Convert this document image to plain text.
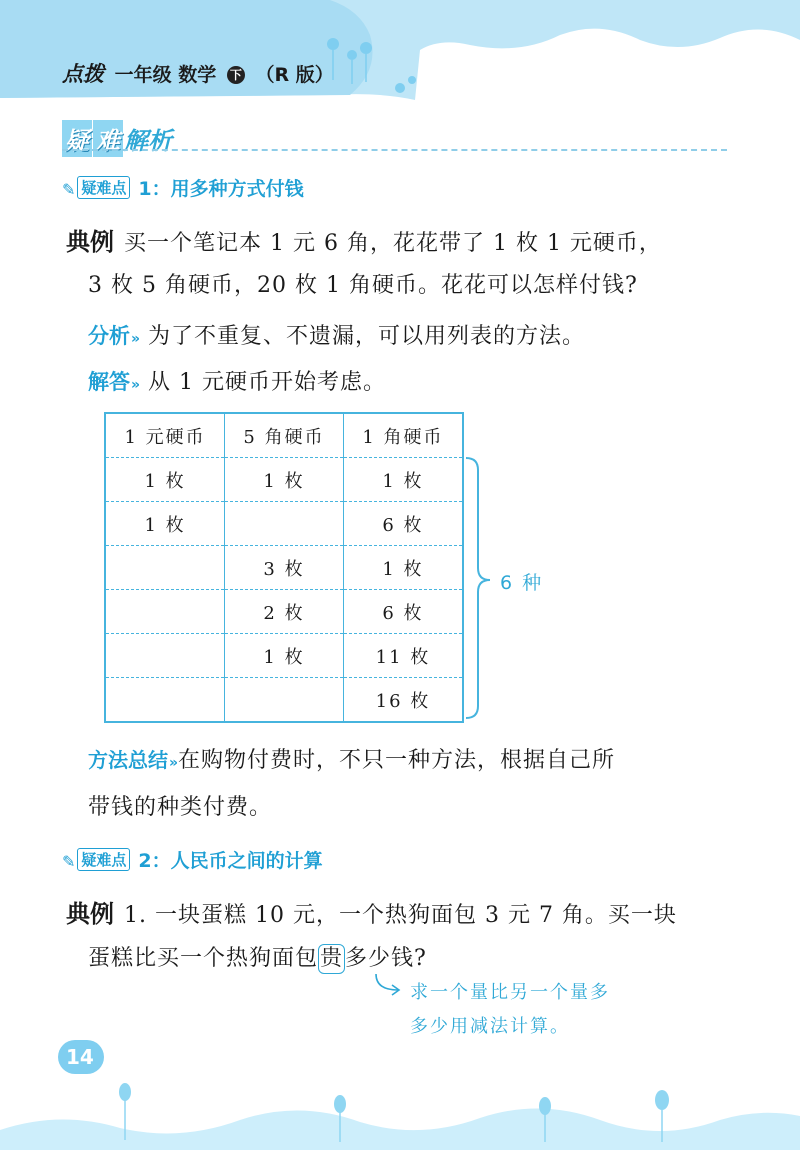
点拨 一年级 数学 下 （R 版）
疑 难 解析
✎ 疑难点 1：用多种方式付钱
典例 买一个笔记本 1 元 6 角，花花带了 1 枚 1 元硬币，
3 枚 5 角硬币，20 枚 1 角硬币。花花可以怎样付钱?
分析» 为了不重复、不遗漏，可以用列表的方法。
解答» 从 1 元硬币开始考虑。
1 元硬币	5 角硬币	1 角硬币
1 枚	1 枚	1 枚
1 枚		6 枚
	3 枚	1 枚
	2 枚	6 枚
	1 枚	11 枚
		16 枚
6 种
方法总结»在购物付费时，不只一种方法，根据自己所
带钱的种类付费。
✎ 疑难点 2：人民币之间的计算
典例 1. 一块蛋糕 10 元，一个热狗面包 3 元 7 角。买一块
蛋糕比买一个热狗面包贵多少钱?
求一个量比另一个量多
多少用减法计算。
14
